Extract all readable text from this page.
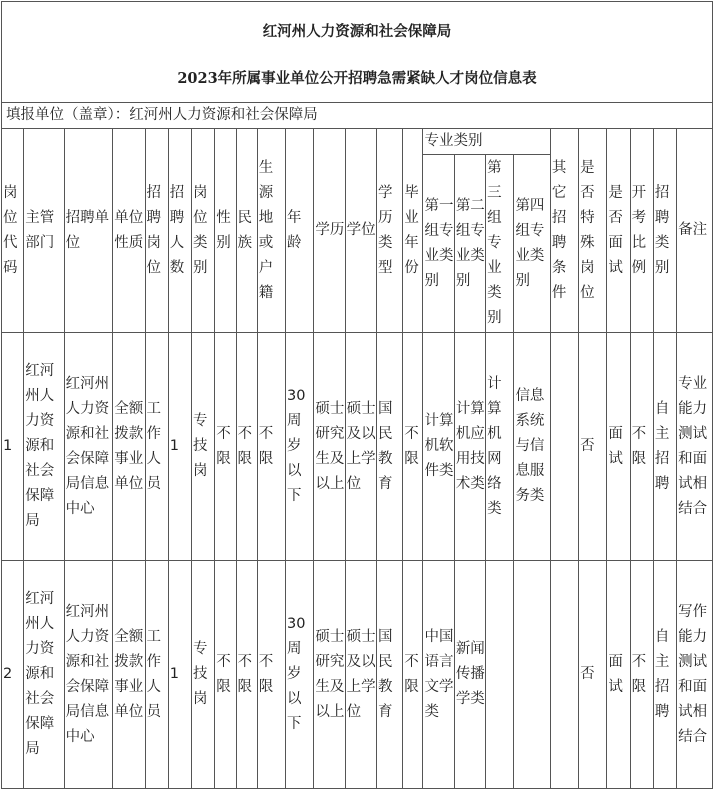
红河州人力资源和社会保障局
2023年所属事业单位公开招聘急需紧缺人才岗位信息表																								

填报单位（盖章）：红河州人力资源和社会保障局																								
岗位代码	主管部门	招聘单位	单位性质	招聘岗位	招聘人数	岗位类别	性别	民族	生源地或户籍	年龄	学历	学位	学历类型	毕业年份	专业类别				其它招聘条件	是否特殊岗位	是否面试	开考比例	招聘类别	备注
															第一组专业类别	第二组专业类别	第三组专业类别	第四组专业类别						
1	红河州人力资源和社会保障局	红河州人力资源和社会保障局信息中心	全额拨款事业单位	工作人员	1	专技岗	不限	不限	不限	30周岁以下	硕士研究生及以上	硕士及以上学位	国民教育	不限	计算机软件类	计算机应用技术类	计算机网络类	信息系统与信息服务类		否	面试	不限	自主招聘	专业能力测试和面试相结合
2	红河州人力资源和社会保障局	红河州人力资源和社会保障局信息中心	全额拨款事业单位	工作人员	1	专技岗	不限	不限	不限	30周岁以下	硕士研究生及以上	硕士及以上学位	国民教育	不限	中国语言文学类	新闻传播学类				否	面试	不限	自主招聘	写作能力测试和面试相结合
